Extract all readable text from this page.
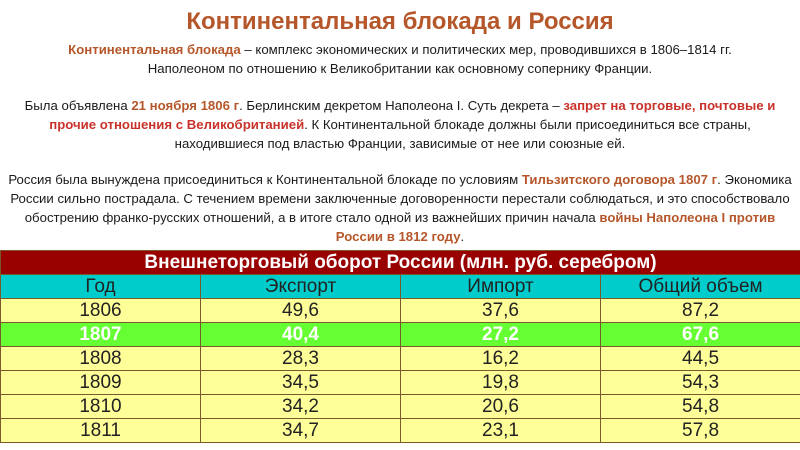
Континентальная блокада и Россия
Континентальная блокада – комплекс экономических и политических мер, проводившихся в 1806–1814 гг.
Наполеоном по отношению к Великобритании как основному сопернику Франции.
Была объявлена 21 ноября 1806 г. Берлинским декретом Наполеона I. Суть декрета – запрет на торговые, почтовые и прочие отношения с Великобританией. К Континентальной блокаде должны были присоединиться все страны, находившиеся под властью Франции, зависимые от нее или союзные ей.
Россия была вынуждена присоединиться к Континентальной блокаде по условиям Тильзитского договора 1807 г. Экономика России сильно пострадала. С течением времени заключенные договоренности перестали соблюдаться, и это способствовало обострению франко-русских отношений, а в итоге стало одной из важнейших причин начала войны Наполеона I против России в 1812 году.
Внешнеторговый оборот России (млн. руб. серебром)			
Год	Экспорт	Импорт	Общий объем
1806	49,6	37,6	87,2
1807	40,4	27,2	67,6
1808	28,3	16,2	44,5
1809	34,5	19,8	54,3
1810	34,2	20,6	54,8
1811	34,7	23,1	57,8
